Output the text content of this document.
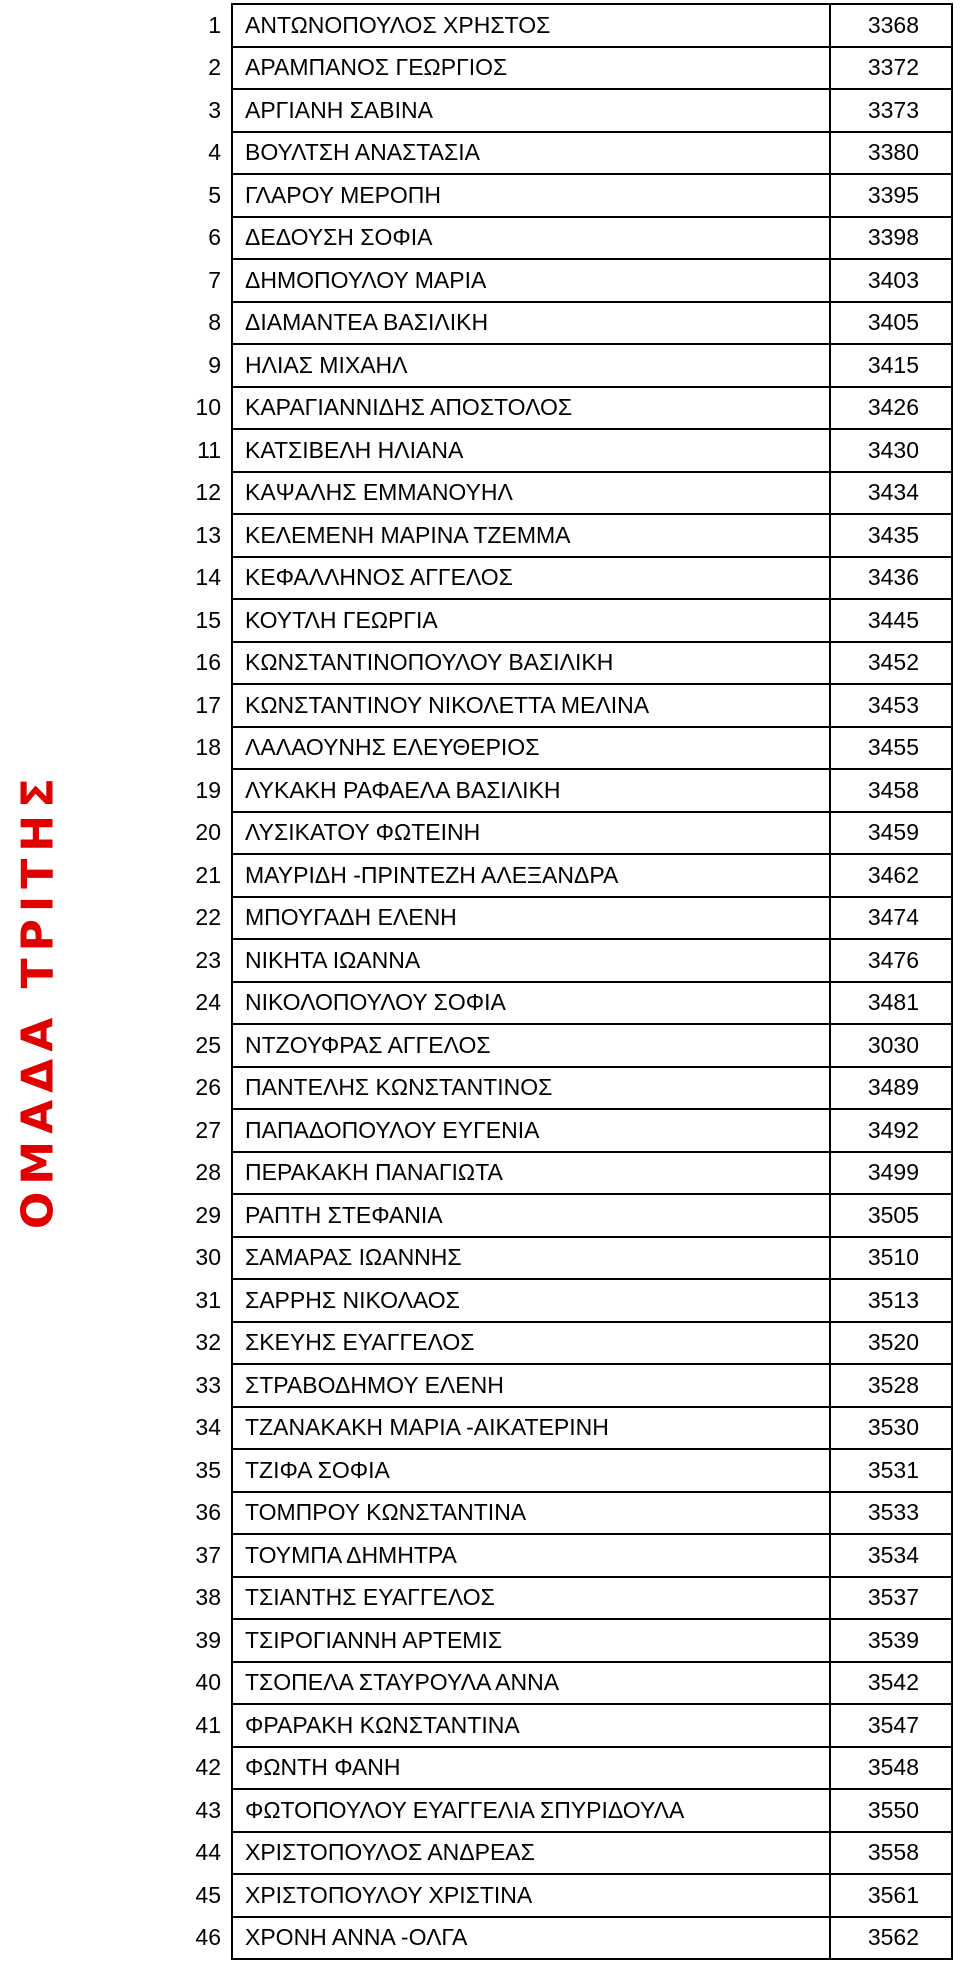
ΟΜΑΔΑ ΤΡΙΤΗΣ
1	ΑΝΤΩΝΟΠΟΥΛΟΣ ΧΡΗΣΤΟΣ	3368
2	ΑΡΑΜΠΑΝΟΣ ΓΕΩΡΓΙΟΣ	3372
3	ΑΡΓΙΑΝΗ ΣΑΒΙΝΑ	3373
4	ΒΟΥΛΤΣΗ ΑΝΑΣΤΑΣΙΑ	3380
5	ΓΛΑΡΟΥ ΜΕΡΟΠΗ	3395
6	ΔΕΔΟΥΣΗ ΣΟΦΙΑ	3398
7	ΔΗΜΟΠΟΥΛΟΥ ΜΑΡΙΑ	3403
8	ΔΙΑΜΑΝΤΕΑ ΒΑΣΙΛΙΚΗ	3405
9	ΗΛΙΑΣ ΜΙΧΑΗΛ	3415
10	ΚΑΡΑΓΙΑΝΝΙΔΗΣ ΑΠΟΣΤΟΛΟΣ	3426
11	ΚΑΤΣΙΒΕΛΗ ΗΛΙΑΝΑ	3430
12	ΚΑΨΑΛΗΣ ΕΜΜΑΝΟΥΗΛ	3434
13	ΚΕΛΕΜΕΝΗ ΜΑΡΙΝΑ ΤΖΕΜΜΑ	3435
14	ΚΕΦΑΛΛΗΝΟΣ ΑΓΓΕΛΟΣ	3436
15	ΚΟΥΤΛΗ ΓΕΩΡΓΙΑ	3445
16	ΚΩΝΣΤΑΝΤΙΝΟΠΟΥΛΟΥ ΒΑΣΙΛΙΚΗ	3452
17	ΚΩΝΣΤΑΝΤΙΝΟΥ ΝΙΚΟΛΕΤΤΑ ΜΕΛΙΝΑ	3453
18	ΛΑΛΑΟΥΝΗΣ ΕΛΕΥΘΕΡΙΟΣ	3455
19	ΛΥΚΑΚΗ ΡΑΦΑΕΛΑ ΒΑΣΙΛΙΚΗ	3458
20	ΛΥΣΙΚΑΤΟΥ ΦΩΤΕΙΝΗ	3459
21	ΜΑΥΡΙΔΗ -ΠΡΙΝΤΕΖΗ ΑΛΕΞΑΝΔΡΑ	3462
22	ΜΠΟΥΓΑΔΗ ΕΛΕΝΗ	3474
23	ΝΙΚΗΤΑ ΙΩΑΝΝΑ	3476
24	ΝΙΚΟΛΟΠΟΥΛΟΥ ΣΟΦΙΑ	3481
25	ΝΤΖΟΥΦΡΑΣ ΑΓΓΕΛΟΣ	3030
26	ΠΑΝΤΕΛΗΣ ΚΩΝΣΤΑΝΤΙΝΟΣ	3489
27	ΠΑΠΑΔΟΠΟΥΛΟΥ ΕΥΓΕΝΙΑ	3492
28	ΠΕΡΑΚΑΚΗ ΠΑΝΑΓΙΩΤΑ	3499
29	ΡΑΠΤΗ ΣΤΕΦΑΝΙΑ	3505
30	ΣΑΜΑΡΑΣ ΙΩΑΝΝΗΣ	3510
31	ΣΑΡΡΗΣ ΝΙΚΟΛΑΟΣ	3513
32	ΣΚΕΥΗΣ ΕΥΑΓΓΕΛΟΣ	3520
33	ΣΤΡΑΒΟΔΗΜΟΥ ΕΛΕΝΗ	3528
34	ΤΖΑΝΑΚΑΚΗ ΜΑΡΙΑ -ΑΙΚΑΤΕΡΙΝΗ	3530
35	ΤΖΙΦΑ ΣΟΦΙΑ	3531
36	ΤΟΜΠΡΟΥ ΚΩΝΣΤΑΝΤΙΝΑ	3533
37	ΤΟΥΜΠΑ ΔΗΜΗΤΡΑ	3534
38	ΤΣΙΑΝΤΗΣ ΕΥΑΓΓΕΛΟΣ	3537
39	ΤΣΙΡΟΓΙΑΝΝΗ ΑΡΤΕΜΙΣ	3539
40	ΤΣΟΠΕΛΑ ΣΤΑΥΡΟΥΛΑ ΑΝΝΑ	3542
41	ΦΡΑΡΑΚΗ ΚΩΝΣΤΑΝΤΙΝΑ	3547
42	ΦΩΝΤΗ ΦΑΝΗ	3548
43	ΦΩΤΟΠΟΥΛΟΥ ΕΥΑΓΓΕΛΙΑ ΣΠΥΡΙΔΟΥΛΑ	3550
44	ΧΡΙΣΤΟΠΟΥΛΟΣ ΑΝΔΡΕΑΣ	3558
45	ΧΡΙΣΤΟΠΟΥΛΟΥ ΧΡΙΣΤΙΝΑ	3561
46	ΧΡΟΝΗ ΑΝΝΑ -ΟΛΓΑ	3562
